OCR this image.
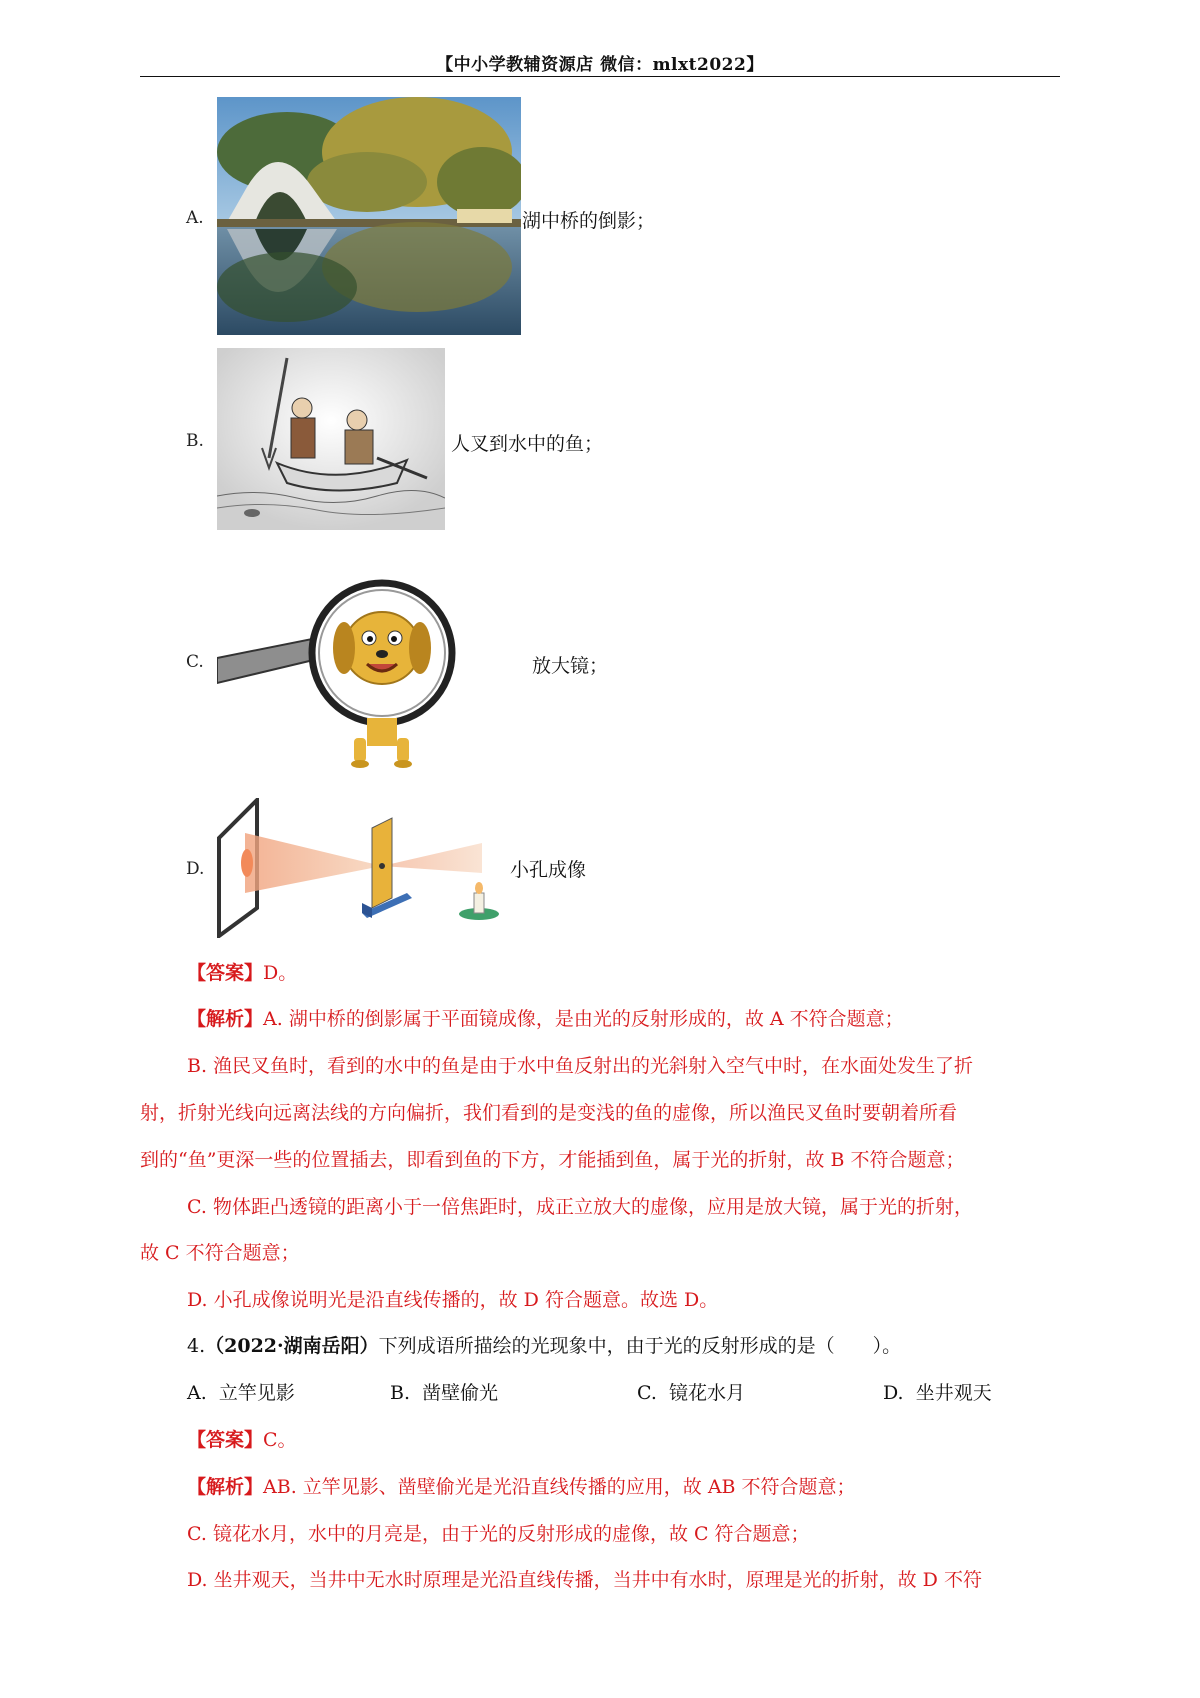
【中小学教辅资源店 微信：mlxt2022】
A.	湖中桥的倒影；
B.	人叉到水中的鱼；
C.	放大镜；
D.	小孔成像
【答案】D。
【解析】A. 湖中桥的倒影属于平面镜成像，是由光的反射形成的，故 A 不符合题意；
B. 渔民叉鱼时，看到的水中的鱼是由于水中鱼反射出的光斜射入空气中时，在水面处发生了折
射，折射光线向远离法线的方向偏折，我们看到的是变浅的鱼的虚像，所以渔民叉鱼时要朝着所看
到的“鱼”更深一些的位置插去，即看到鱼的下方，才能插到鱼，属于光的折射，故 B 不符合题意；
C. 物体距凸透镜的距离小于一倍焦距时，成正立放大的虚像，应用是放大镜，属于光的折射，
故 C 不符合题意；
D. 小孔成像说明光是沿直线传播的，故 D 符合题意。故选 D。
4.（2022·湖南岳阳）下列成语所描绘的光现象中，由于光的反射形成的是（　　）。
A. 立竿见影	B. 凿壁偷光	C. 镜花水月	D. 坐井观天
【答案】C。
【解析】AB. 立竿见影、凿壁偷光是光沿直线传播的应用，故 AB 不符合题意；
C. 镜花水月，水中的月亮是，由于光的反射形成的虚像，故 C 符合题意；
D. 坐井观天，当井中无水时原理是光沿直线传播，当井中有水时，原理是光的折射，故 D 不符
